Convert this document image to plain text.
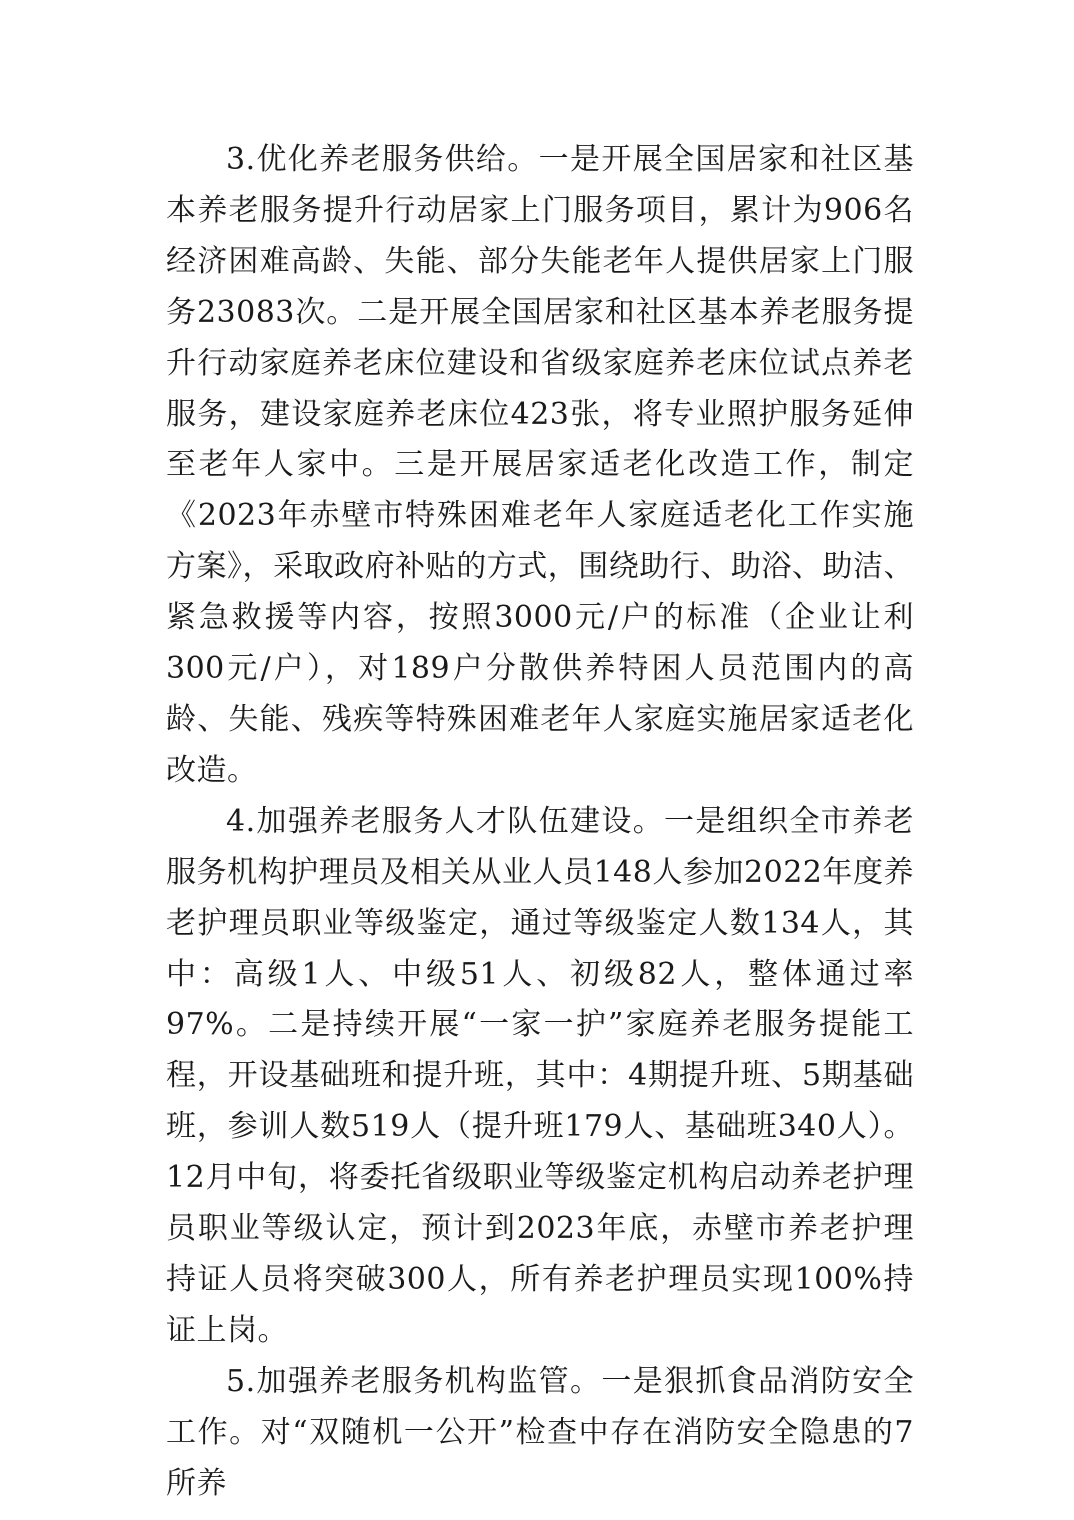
3.优化养老服务供给。一是开展全国居家和社区基本养老服务提升行动居家上门服务项目，累计为906名经济困难高龄、失能、部分失能老年人提供居家上门服务23083次。二是开展全国居家和社区基本养老服务提升行动家庭养老床位建设和省级家庭养老床位试点养老服务，建设家庭养老床位423张，将专业照护服务延伸至老年人家中。三是开展居家适老化改造工作，制定《2023年赤壁市特殊困难老年人家庭适老化工作实施方案》，采取政府补贴的方式，围绕助行、助浴、助洁、紧急救援等内容，按照3000元/户的标准（企业让利300元/户），对189户分散供养特困人员范围内的高龄、失能、残疾等特殊困难老年人家庭实施居家适老化改造。

4.加强养老服务人才队伍建设。一是组织全市养老服务机构护理员及相关从业人员148人参加2022年度养老护理员职业等级鉴定，通过等级鉴定人数134人，其中：高级1人、中级51人、初级82人，整体通过率97%。二是持续开展“一家一护”家庭养老服务提能工程，开设基础班和提升班，其中：4期提升班、5期基础班，参训人数519人（提升班179人、基础班340人）。12月中旬，将委托省级职业等级鉴定机构启动养老护理员职业等级认定，预计到2023年底，赤壁市养老护理持证人员将突破300人，所有养老护理员实现100%持证上岗。

5.加强养老服务机构监管。一是狠抓食品消防安全工作。对“双随机一公开”检查中存在消防安全隐患的7所养
